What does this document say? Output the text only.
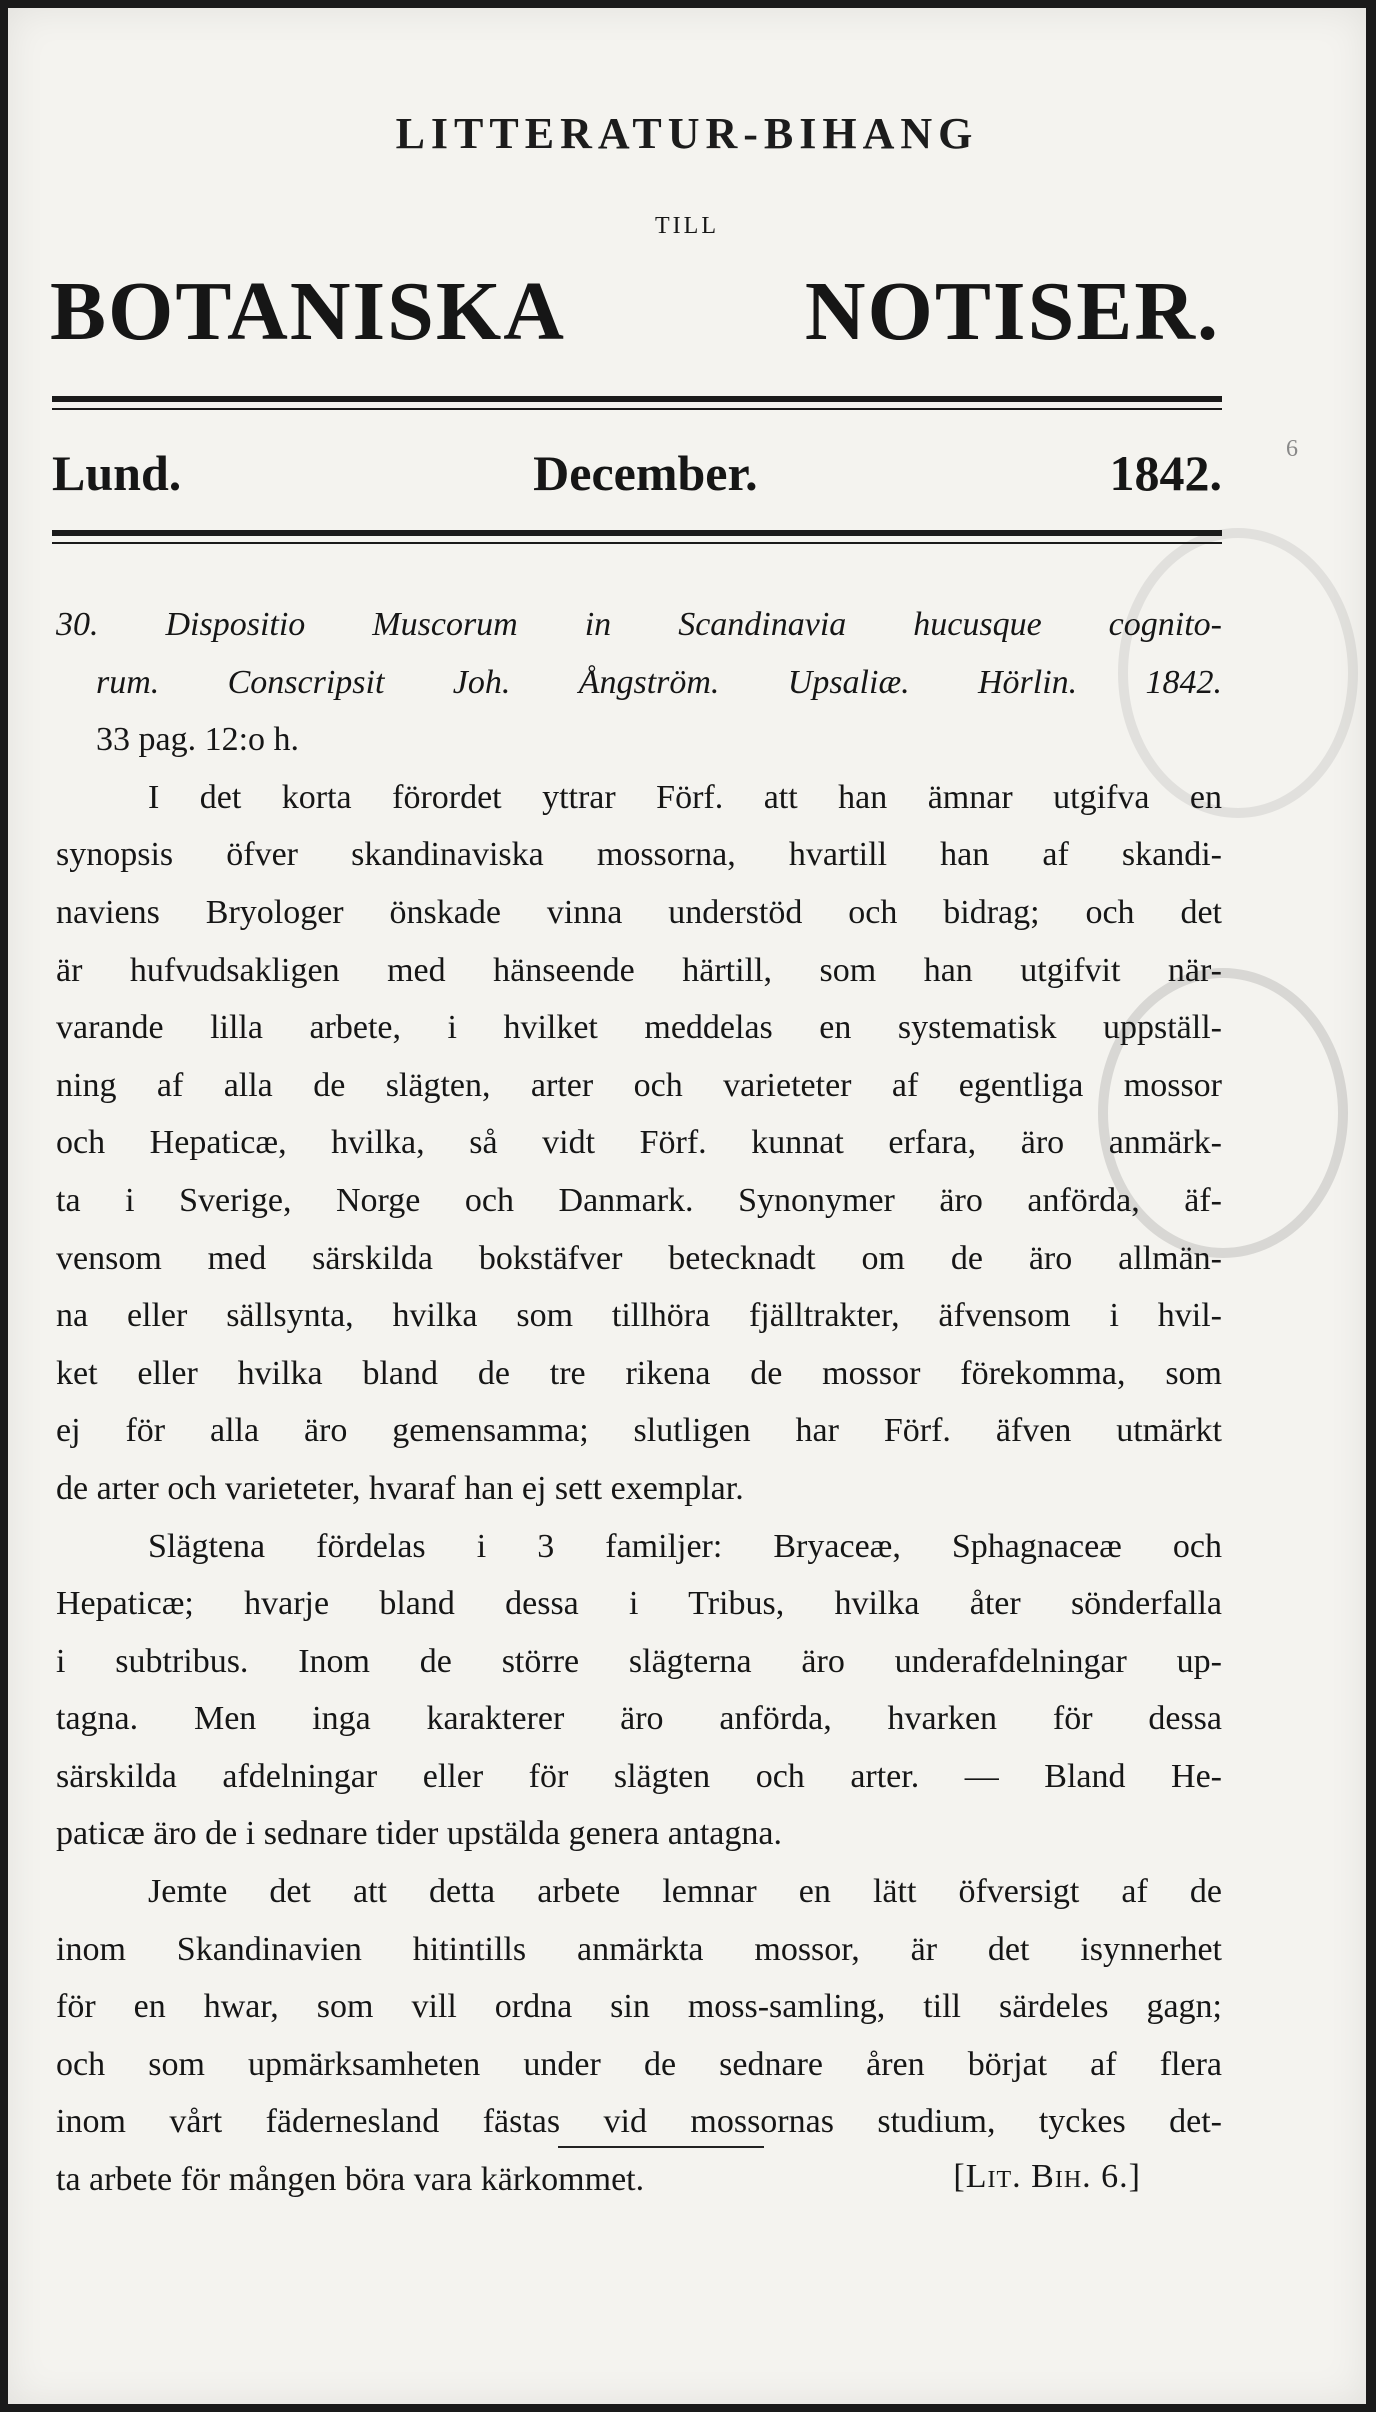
LITTERATUR-BIHANG
TILL
BOTANISKA	NOTISER.
Lund.	December.	1842.	6
30. Dispositio Muscorum in Scandinavia hucusque cognito-
rum. Conscripsit Joh. Ångström. Upsaliæ. Hörlin. 1842.
33 pag. 12:o h.
I det korta förordet yttrar Förf. att han ämnar utgifva en
synopsis öfver skandinaviska mossorna, hvartill han af skandi-
naviens Bryologer önskade vinna understöd och bidrag; och det
är hufvudsakligen med hänseende härtill, som han utgifvit när-
varande lilla arbete, i hvilket meddelas en systematisk uppställ-
ning af alla de slägten, arter och varieteter af egentliga mossor
och Hepaticæ, hvilka, så vidt Förf. kunnat erfara, äro anmärk-
ta i Sverige, Norge och Danmark. Synonymer äro anförda, äf-
vensom med särskilda bokstäfver betecknadt om de äro allmän-
na eller sällsynta, hvilka som tillhöra fjälltrakter, äfvensom i hvil-
ket eller hvilka bland de tre rikena de mossor förekomma, som
ej för alla äro gemensamma; slutligen har Förf. äfven utmärkt
de arter och varieteter, hvaraf han ej sett exemplar.
Slägtena fördelas i 3 familjer: Bryaceæ, Sphagnaceæ och
Hepaticæ; hvarje bland dessa i Tribus, hvilka åter sönderfalla
i subtribus. Inom de större slägterna äro underafdelningar up-
tagna. Men inga karakterer äro anförda, hvarken för dessa
särskilda afdelningar eller för slägten och arter. — Bland He-
paticæ äro de i sednare tider upstälda genera antagna.
Jemte det att detta arbete lemnar en lätt öfversigt af de
inom Skandinavien hitintills anmärkta mossor, är det isynnerhet
för en hwar, som vill ordna sin moss-samling, till särdeles gagn;
och som upmärksamheten under de sednare åren börjat af flera
inom vårt fädernesland fästas vid mossornas studium, tyckes det-
ta arbete för mången böra vara kärkommet.	[Lit. Bih. 6.]
